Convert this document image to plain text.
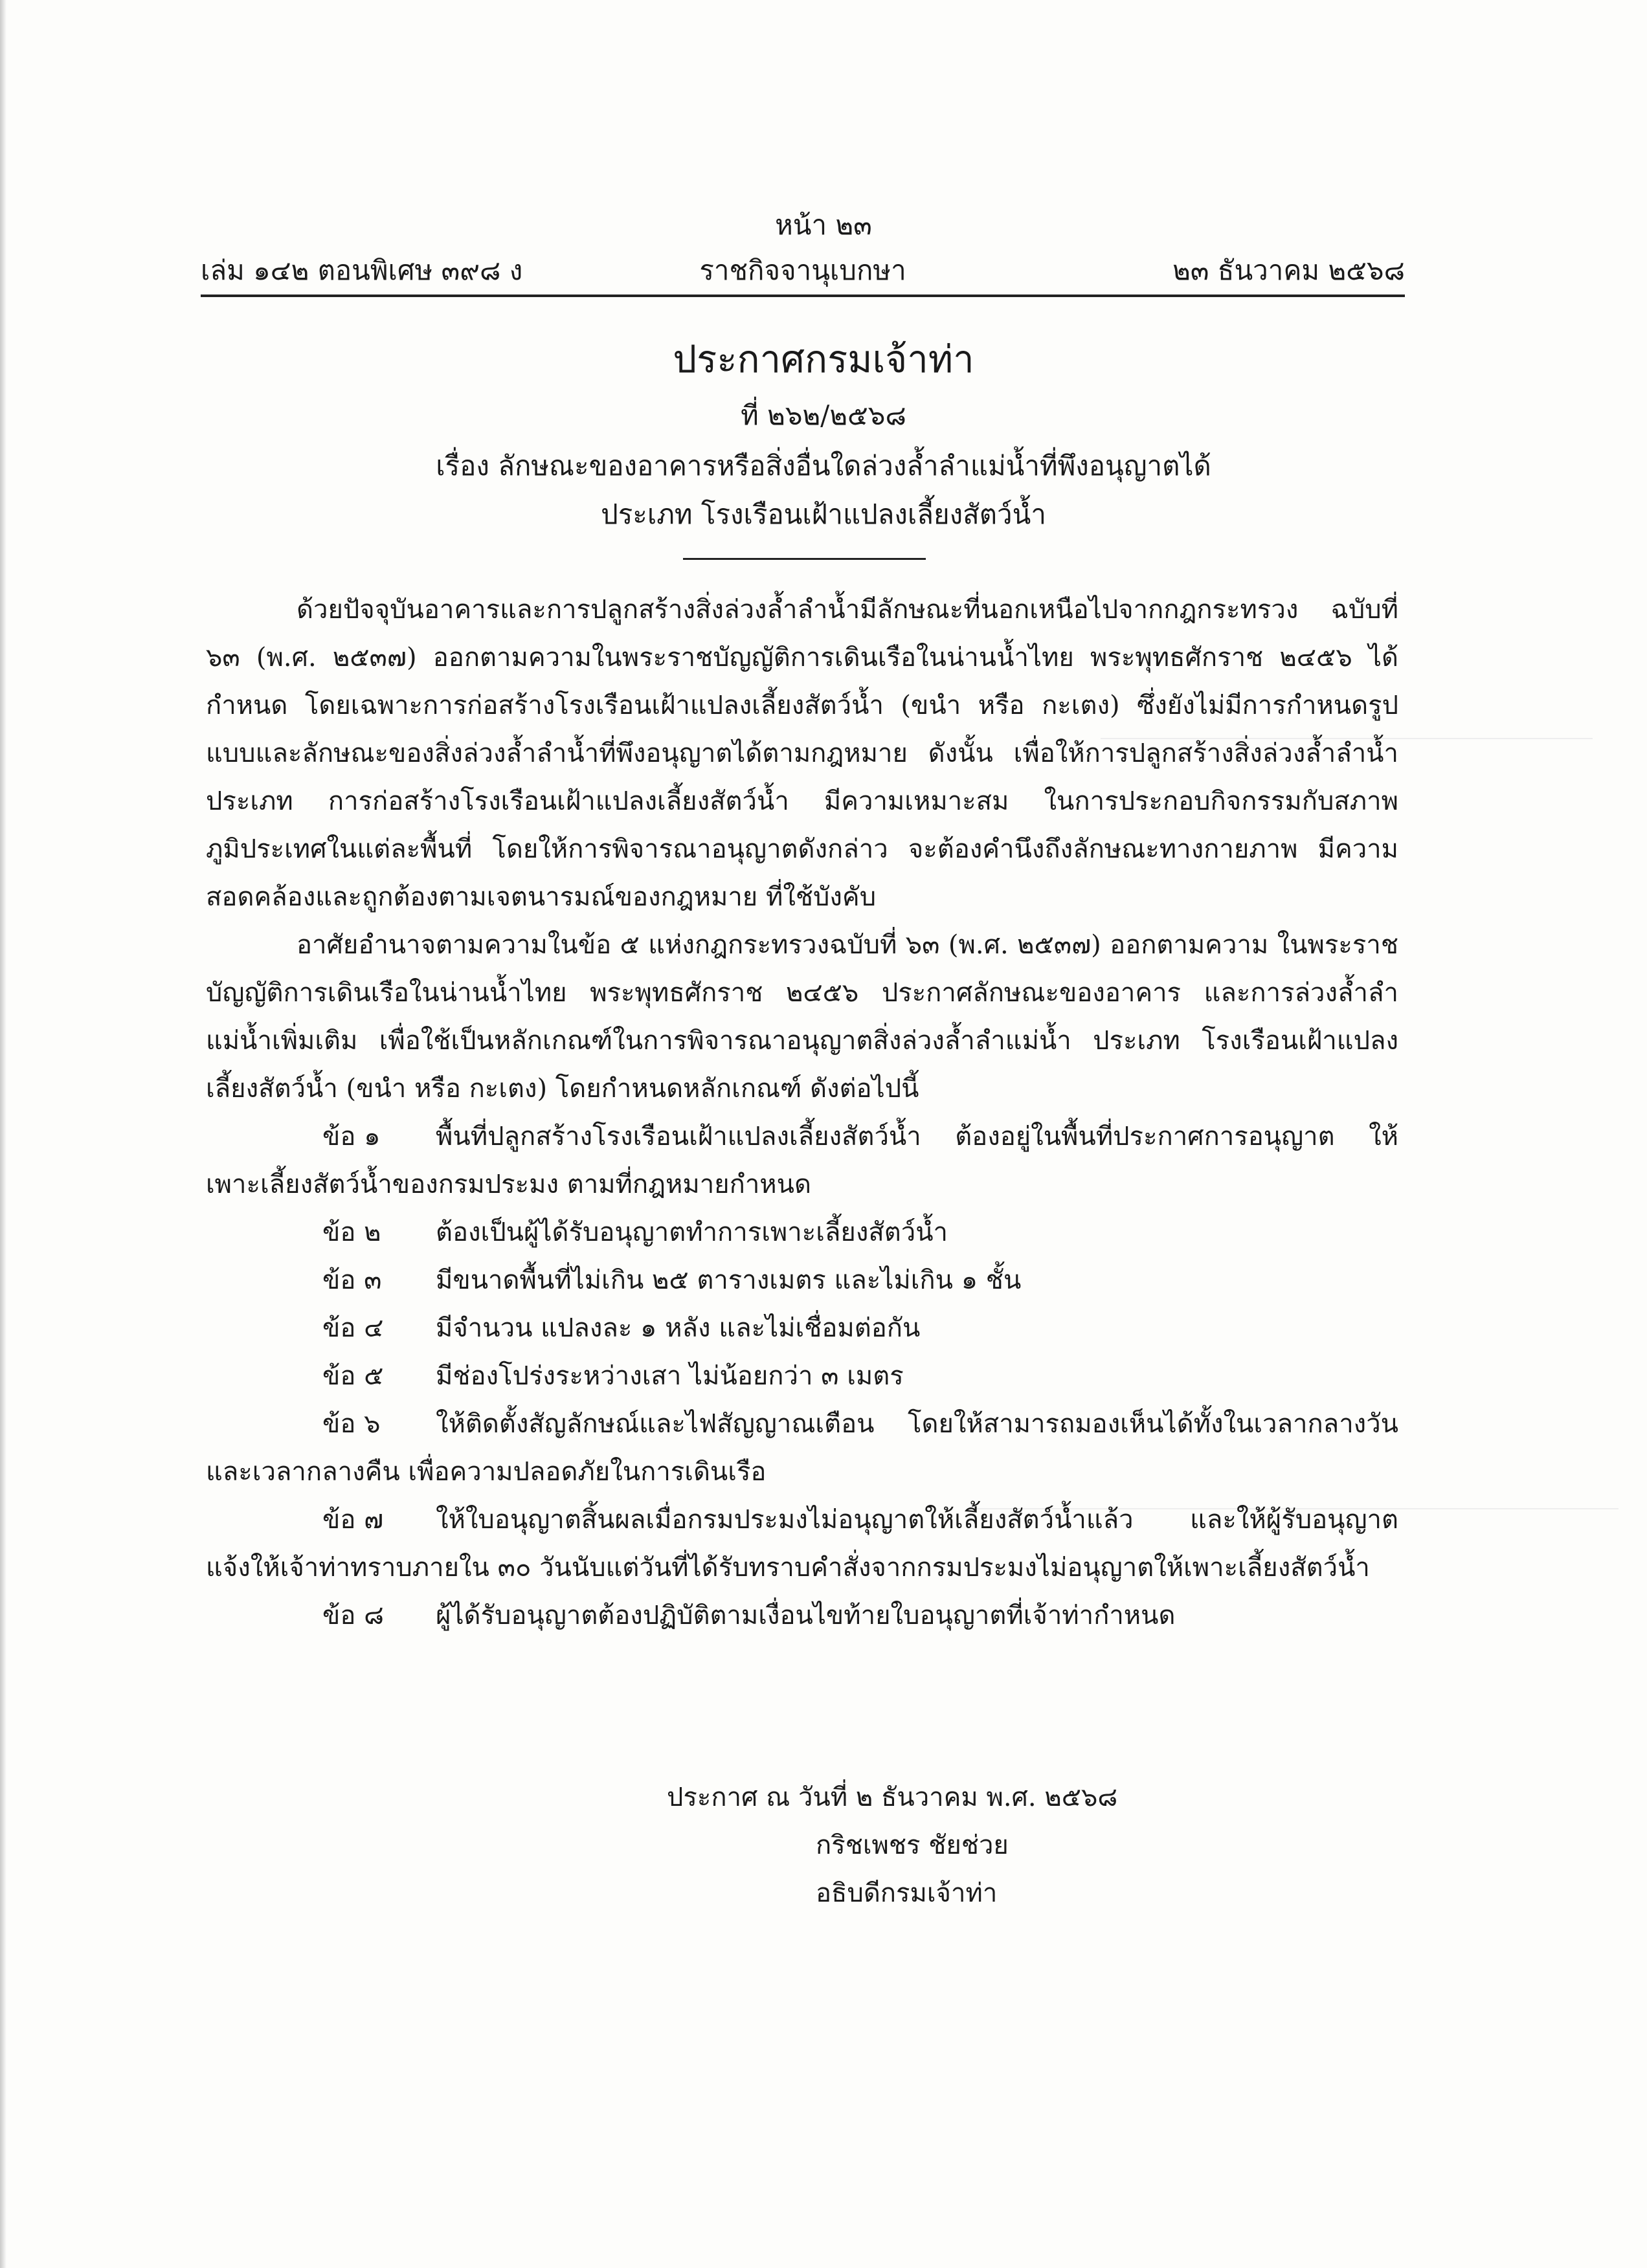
หน้า ๒๓
เล่ม ๑๔๒ ตอนพิเศษ ๓๙๘ ง	ราชกิจจานุเบกษา	๒๓ ธันวาคม ๒๕๖๘
ประกาศกรมเจ้าท่า
ที่ ๒๖๒/๒๕๖๘
เรื่อง ลักษณะของอาคารหรือสิ่งอื่นใดล่วงล้ำลำแม่น้ำที่พึงอนุญาตได้
ประเภท โรงเรือนเฝ้าแปลงเลี้ยงสัตว์น้ำ

ด้วยปัจจุบันอาคารและการปลูกสร้างสิ่งล่วงล้ำลำน้ำมีลักษณะที่นอกเหนือไปจากกฎกระทรวง ฉบับที่ ๖๓ (พ.ศ. ๒๕๓๗) ออกตามความในพระราชบัญญัติการเดินเรือในน่านน้ำไทย พระพุทธศักราช ๒๔๕๖ ได้กำหนด โดยเฉพาะการก่อสร้างโรงเรือนเฝ้าแปลงเลี้ยงสัตว์น้ำ (ขนำ หรือ กะเตง) ซึ่งยังไม่มีการกำหนดรูปแบบและลักษณะของสิ่งล่วงล้ำลำน้ำที่พึงอนุญาตได้ตามกฎหมาย ดังนั้น เพื่อให้การปลูกสร้างสิ่งล่วงล้ำลำน้ำ ประเภท การก่อสร้างโรงเรือนเฝ้าแปลงเลี้ยงสัตว์น้ำ มีความเหมาะสม ในการประกอบกิจกรรมกับสภาพภูมิประเทศในแต่ละพื้นที่ โดยให้การพิจารณาอนุญาตดังกล่าว จะต้องคำนึงถึงลักษณะทางกายภาพ มีความสอดคล้องและถูกต้องตามเจตนารมณ์ของกฎหมาย ที่ใช้บังคับ

อาศัยอำนาจตามความในข้อ ๕ แห่งกฎกระทรวงฉบับที่ ๖๓ (พ.ศ. ๒๕๓๗) ออกตามความ ในพระราชบัญญัติการเดินเรือในน่านน้ำไทย พระพุทธศักราช ๒๔๕๖ ประกาศลักษณะของอาคาร และการล่วงล้ำลำแม่น้ำเพิ่มเติม เพื่อใช้เป็นหลักเกณฑ์ในการพิจารณาอนุญาตสิ่งล่วงล้ำลำแม่น้ำ ประเภท โรงเรือนเฝ้าแปลงเลี้ยงสัตว์น้ำ (ขนำ หรือ กะเตง) โดยกำหนดหลักเกณฑ์ ดังต่อไปนี้

ข้อ ๑ พื้นที่ปลูกสร้างโรงเรือนเฝ้าแปลงเลี้ยงสัตว์น้ำ ต้องอยู่ในพื้นที่ประกาศการอนุญาต ให้เพาะเลี้ยงสัตว์น้ำของกรมประมง ตามที่กฎหมายกำหนด

ข้อ ๒ ต้องเป็นผู้ได้รับอนุญาตทำการเพาะเลี้ยงสัตว์น้ำ

ข้อ ๓ มีขนาดพื้นที่ไม่เกิน ๒๕ ตารางเมตร และไม่เกิน ๑ ชั้น

ข้อ ๔ มีจำนวน แปลงละ ๑ หลัง และไม่เชื่อมต่อกัน

ข้อ ๕ มีช่องโปร่งระหว่างเสา ไม่น้อยกว่า ๓ เมตร

ข้อ ๖ ให้ติดตั้งสัญลักษณ์และไฟสัญญาณเตือน โดยให้สามารถมองเห็นได้ทั้งในเวลากลางวัน และเวลากลางคืน เพื่อความปลอดภัยในการเดินเรือ

ข้อ ๗ ให้ใบอนุญาตสิ้นผลเมื่อกรมประมงไม่อนุญาตให้เลี้ยงสัตว์น้ำแล้ว และให้ผู้รับอนุญาต แจ้งให้เจ้าท่าทราบภายใน ๓๐ วันนับแต่วันที่ได้รับทราบคำสั่งจากกรมประมงไม่อนุญาตให้เพาะเลี้ยงสัตว์น้ำ

ข้อ ๘ ผู้ได้รับอนุญาตต้องปฏิบัติตามเงื่อนไขท้ายใบอนุญาตที่เจ้าท่ากำหนด

ประกาศ ณ วันที่ ๒ ธันวาคม พ.ศ. ๒๕๖๘
กริชเพชร ชัยช่วย
อธิบดีกรมเจ้าท่า
